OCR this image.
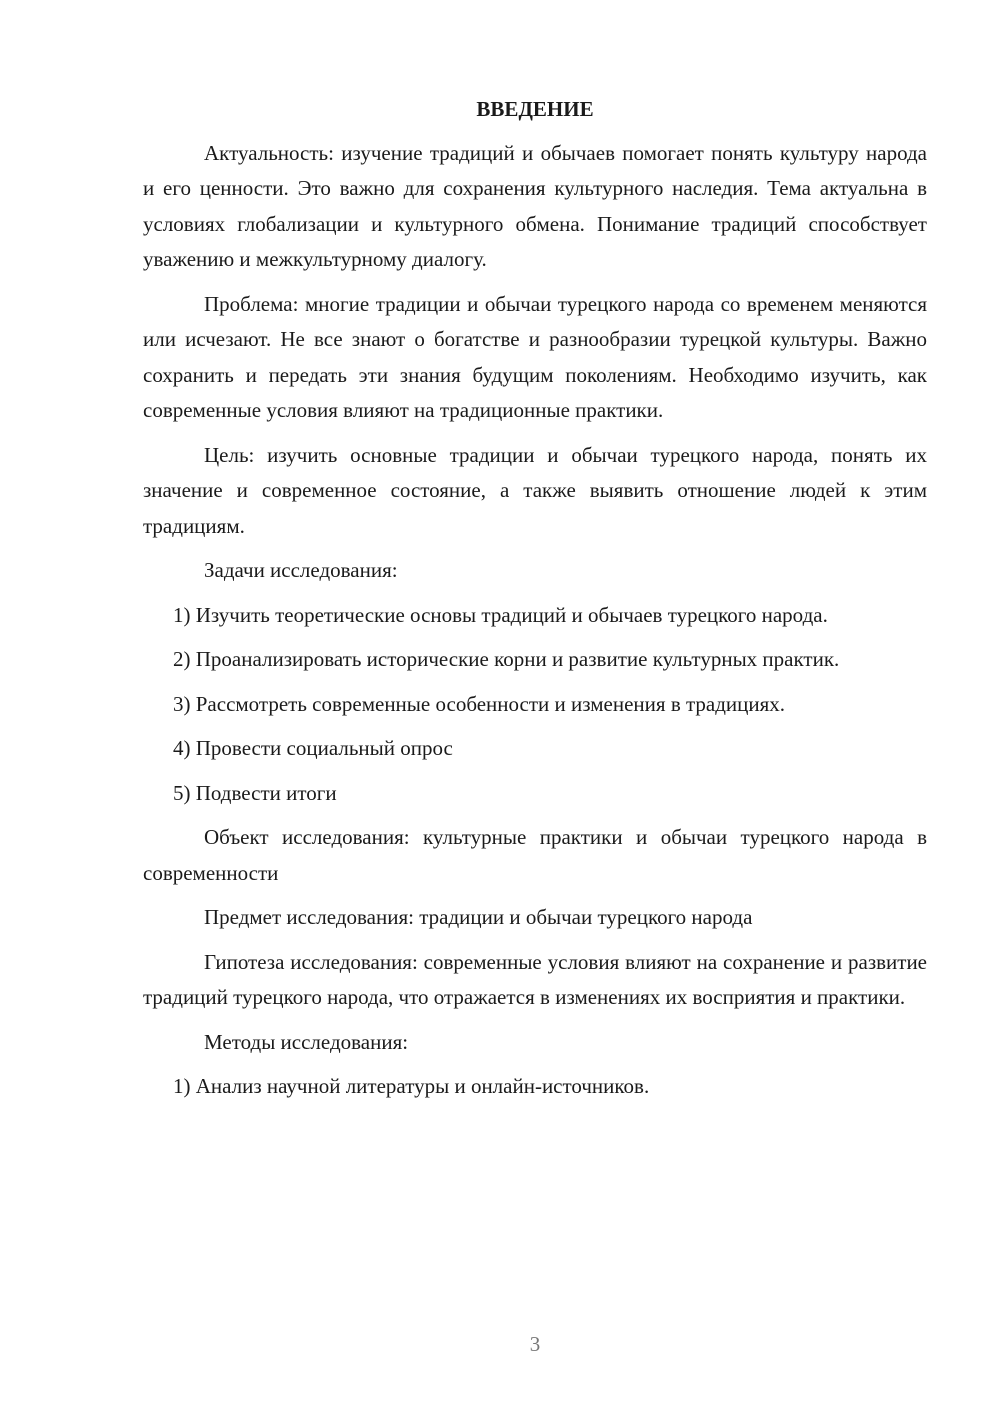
ВВЕДЕНИЕ

Актуальность: изучение традиций и обычаев помогает понять культуру народа и его ценности. Это важно для сохранения культурного наследия. Тема актуальна в условиях глобализации и культурного обмена. Понимание традиций способствует уважению и межкультурному диалогу.

Проблема: многие традиции и обычаи турецкого народа со временем меняются или исчезают. Не все знают о богатстве и разнообразии турецкой культуры. Важно сохранить и передать эти знания будущим поколениям. Необходимо изучить, как современные условия влияют на традиционные практики.

Цель: изучить основные традиции и обычаи турецкого народа, понять их значение и современное состояние, а также выявить отношение людей к этим традициям.

Задачи исследования:

1) Изучить теоретические основы традиций и обычаев турецкого народа.

2) Проанализировать исторические корни и развитие культурных практик.

3) Рассмотреть современные особенности и изменения в традициях.

4) Провести социальный опрос

5) Подвести итоги

Объект исследования: культурные практики и обычаи турецкого народа в современности

Предмет исследования: традиции и обычаи турецкого народа

Гипотеза исследования: современные условия влияют на сохранение и развитие традиций турецкого народа, что отражается в изменениях их восприятия и практики.

Методы исследования:

1) Анализ научной литературы и онлайн-источников.

3
